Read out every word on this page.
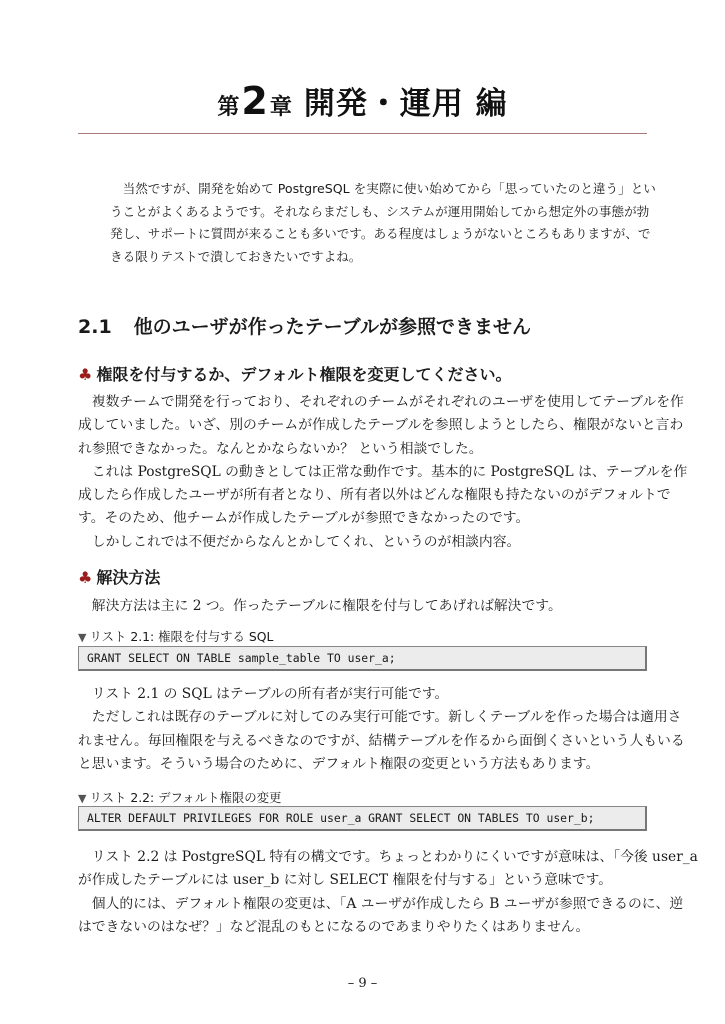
第2章 開発・運用 編
当然ですが、開発を始めて PostgreSQL を実際に使い始めてから「思っていたのと違う」とい
うことがよくあるようです。それならまだしも、システムが運用開始してから想定外の事態が勃
発し、サポートに質問が来ることも多いです。ある程度はしょうがないところもありますが、で
きる限りテストで潰しておきたいですよね。
2.1 他のユーザが作ったテーブルが参照できません
♣ 権限を付与するか、デフォルト権限を変更してください。
複数チームで開発を行っており、それぞれのチームがそれぞれのユーザを使用してテーブルを作
成していました。いざ、別のチームが作成したテーブルを参照しようとしたら、権限がないと言わ
れ参照できなかった。なんとかならないか？ という相談でした。
これは PostgreSQL の動きとしては正常な動作です。基本的に PostgreSQL は、テーブルを作
成したら作成したユーザが所有者となり、所有者以外はどんな権限も持たないのがデフォルトで
す。そのため、他チームが作成したテーブルが参照できなかったのです。
しかしこれでは不便だからなんとかしてくれ、というのが相談内容。
♣ 解決方法
解決方法は主に 2 つ。作ったテーブルに権限を付与してあげれば解決です。
▼ リスト 2.1: 権限を付与する SQL
GRANT SELECT ON TABLE sample_table TO user_a;
リスト 2.1 の SQL はテーブルの所有者が実行可能です。
ただしこれは既存のテーブルに対してのみ実行可能です。新しくテーブルを作った場合は適用さ
れません。毎回権限を与えるべきなのですが、結構テーブルを作るから面倒くさいという人もいる
と思います。そういう場合のために、デフォルト権限の変更という方法もあります。
▼ リスト 2.2: デフォルト権限の変更
ALTER DEFAULT PRIVILEGES FOR ROLE user_a GRANT SELECT ON TABLES TO user_b;
リスト 2.2 は PostgreSQL 特有の構文です。ちょっとわかりにくいですが意味は、「今後 user_a
が作成したテーブルには user_b に対し SELECT 権限を付与する」という意味です。
個人的には、デフォルト権限の変更は、「A ユーザが作成したら B ユーザが参照できるのに、逆
はできないのはなぜ？」など混乱のもとになるのであまりやりたくはありません。
– 9 –
